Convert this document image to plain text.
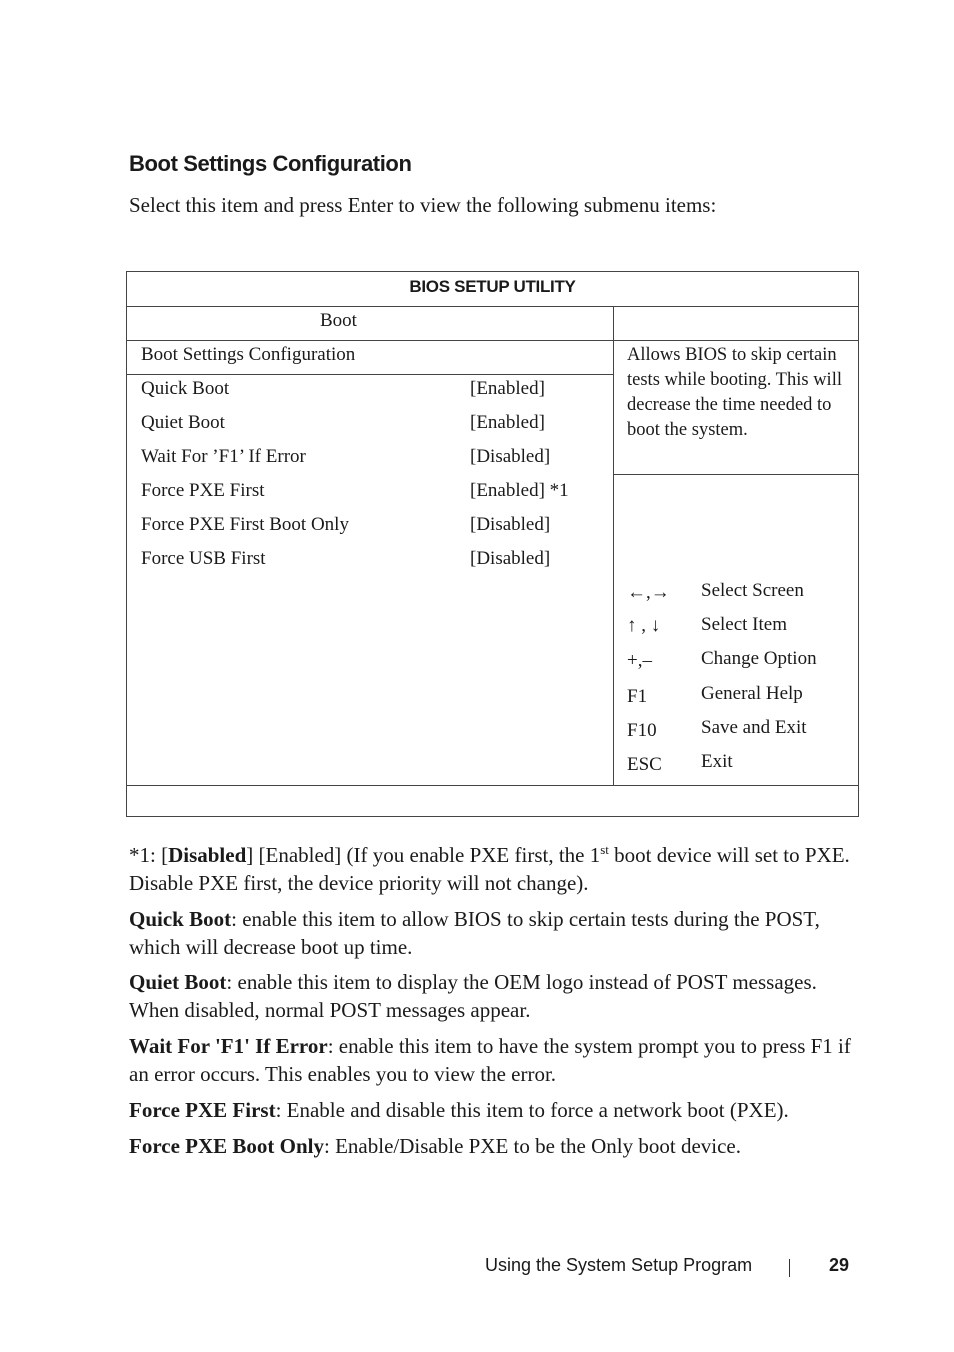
Boot Settings Configuration
Select this item and press Enter to view the following submenu items:
BIOS SETUP UTILITY
Boot
Boot Settings Configuration
Quick Boot	[Enabled]
Quiet Boot	[Enabled]
Wait For ’F1’ If Error	[Disabled]
Force PXE First	[Enabled] *1
Force PXE First Boot Only	[Disabled]
Force USB First	[Disabled]
Allows BIOS to skip certain tests while booting. This will decrease the time needed to boot the system.
←,→ Select Screen
↑ , ↓ Select Item
+,–	Change Option
F1	General Help
F10 Save and Exit
ESC Exit
*1: [Disabled] [Enabled] (If you enable PXE first, the 1st boot device will set to PXE. Disable PXE first, the device priority will not change).
Quick Boot: enable this item to allow BIOS to skip certain tests during the POST, which will decrease boot up time.
Quiet Boot: enable this item to display the OEM logo instead of POST messages. When disabled, normal POST messages appear.
Wait For 'F1' If Error: enable this item to have the system prompt you to press F1 if an error occurs. This enables you to view the error.
Force PXE First: Enable and disable this item to force a network boot (PXE).
Force PXE Boot Only: Enable/Disable PXE to be the Only boot device.
Using the System Setup Program	29
